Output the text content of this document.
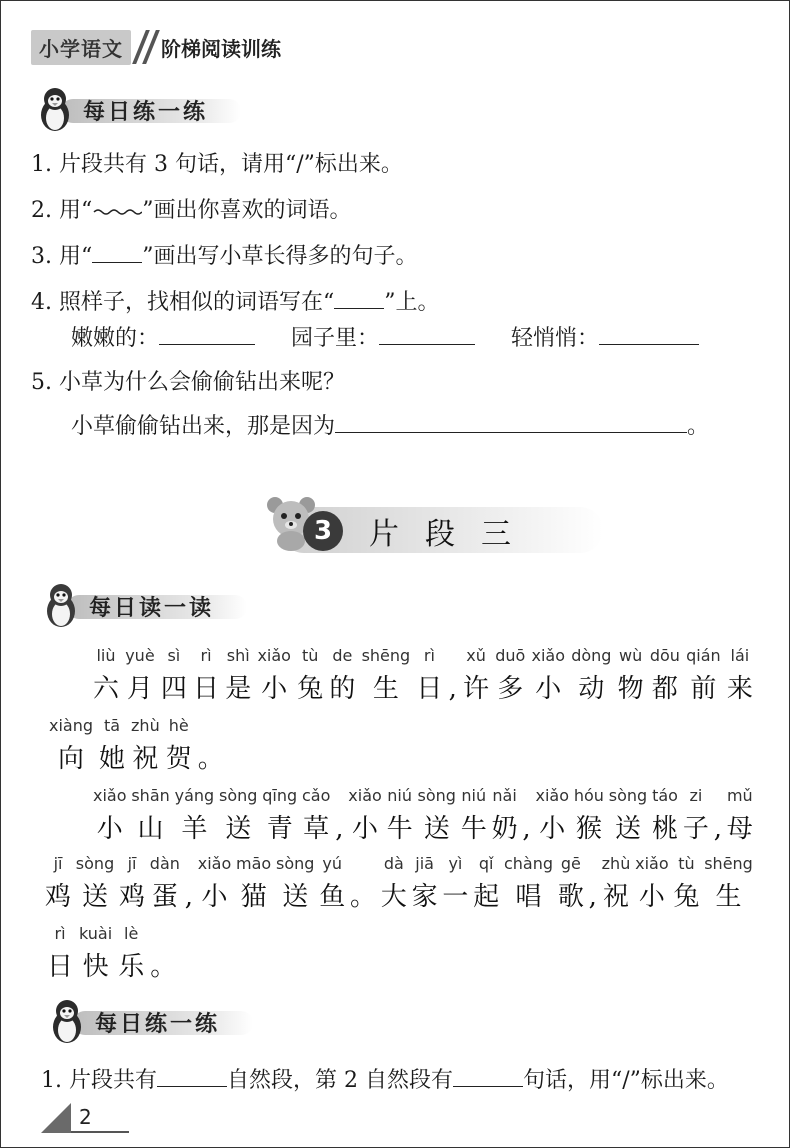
小学语文	阶梯阅读训练
每日练一练
1. 片段共有 3 句话，请用“/”标出来。
2. 用“ ”画出你喜欢的词语。
3. 用“ ”画出写小草长得多的句子。
4. 照样子，找相似的词语写在“ ”上。
嫩嫩的：	园子里：	轻悄悄：
5. 小草为什么会偷偷钻出来呢？
小草偷偷钻出来，那是因为	。
3	片段三
每日读一读
liù
六
yuè
月
sì
四
rì
日
shì
是
xiǎo
小
tù
兔
de
的
shēng
生
rì
日 ,
xǔ
许
duō
多
xiǎo
小
dòng
动
wù
物
dōu
都
qián
前
lái
来
xiàng
向
tā
她
zhù
祝
hè
贺 。
xiǎo
小
shān
山
yáng
羊
sòng
送
qīng
青
cǎo
草 ,
xiǎo
小
niú
牛
sòng
送
niú
牛
nǎi
奶 ,
xiǎo
小
hóu
猴
sòng
送
táo
桃
zi
子 ,
mǔ
母
jī
鸡
sòng
送
jī
鸡
dàn
蛋 ,
xiǎo
小
māo
猫
sòng
送
yú
鱼 。
dà
大
jiā
家
yì
一
qǐ
起
chàng
唱
gē
歌 ,
zhù
祝
xiǎo
小
tù
兔
shēng
生
rì
日
kuài
快
lè
乐 。
每日练一练
1. 片段共有	自然段，第 2 自然段有	句话，用“/”标出来。
2
